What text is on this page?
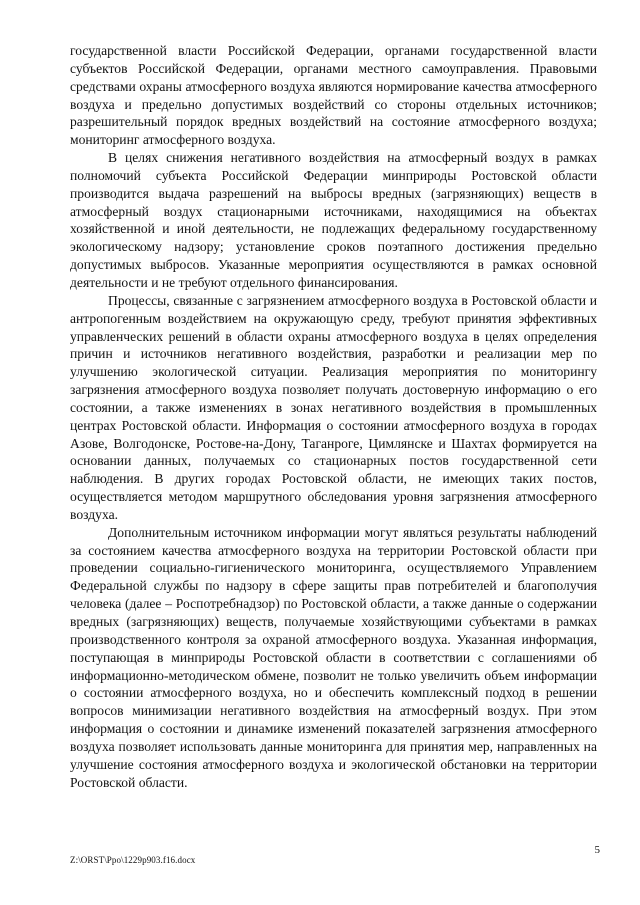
государственной власти Российской Федерации, органами государственной власти субъектов Российской Федерации, органами местного самоуправления. Правовыми средствами охраны атмосферного воздуха являются нормирование качества атмосферного воздуха и предельно допустимых воздействий со стороны отдельных источников; разрешительный порядок вредных воздействий на состояние атмосферного воздуха; мониторинг атмосферного воздуха.

В целях снижения негативного воздействия на атмосферный воздух в рамках полномочий субъекта Российской Федерации минприроды Ростовской области производится выдача разрешений на выбросы вредных (загрязняющих) веществ в атмосферный воздух стационарными источниками, находящимися на объектах хозяйственной и иной деятельности, не подлежащих федеральному государственному экологическому надзору; установление сроков поэтапного достижения предельно допустимых выбросов. Указанные мероприятия осуществляются в рамках основной деятельности и не требуют отдельного финансирования.

Процессы, связанные с загрязнением атмосферного воздуха в Ростовской области и антропогенным воздействием на окружающую среду, требуют принятия эффективных управленческих решений в области охраны атмосферного воздуха в целях определения причин и источников негативного воздействия, разработки и реализации мер по улучшению экологической ситуации. Реализация мероприятия по мониторингу загрязнения атмосферного воздуха позволяет получать достоверную информацию о его состоянии, а также изменениях в зонах негативного воздействия в промышленных центрах Ростовской области. Информация о состоянии атмосферного воздуха в городах Азове, Волгодонске, Ростове-на-Дону, Таганроге, Цимлянске и Шахтах формируется на основании данных, получаемых со стационарных постов государственной сети наблюдения. В других городах Ростовской области, не имеющих таких постов, осуществляется методом маршрутного обследования уровня загрязнения атмосферного воздуха.

Дополнительным источником информации могут являться результаты наблюдений за состоянием качества атмосферного воздуха на территории Ростовской области при проведении социально-гигиенического мониторинга, осуществляемого Управлением Федеральной службы по надзору в сфере защиты прав потребителей и благополучия человека (далее – Роспотребнадзор) по Ростовской области, а также данные о содержании вредных (загрязняющих) веществ, получаемые хозяйствующими субъектами в рамках производственного контроля за охраной атмосферного воздуха. Указанная информация, поступающая в минприроды Ростовской области в соответствии с соглашениями об информационно-методическом обмене, позволит не только увеличить объем информации о состоянии атмосферного воздуха, но и обеспечить комплексный подход в решении вопросов минимизации негативного воздействия на атмосферный воздух. При этом информация о состоянии и динамике изменений показателей загрязнения атмосферного воздуха позволяет использовать данные мониторинга для принятия мер, направленных на улучшение состояния атмосферного воздуха и экологической обстановки на территории Ростовской области.

5
Z:\ORST\Ppo\1229p903.f16.docx
